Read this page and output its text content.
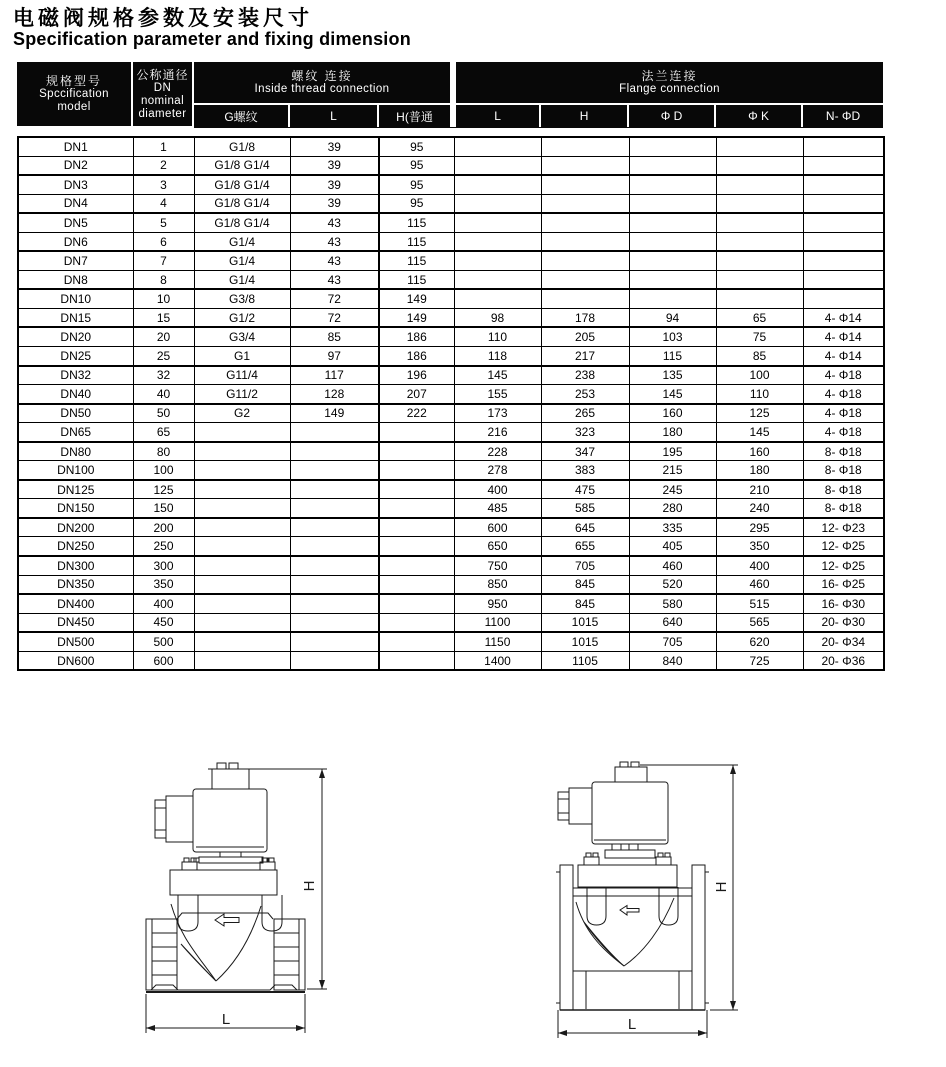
电磁阀规格参数及安装尺寸
Specification parameter and fixing dimension
规格型号
Spccification
model

公称通径
DN
nominal
diameter

螺纹 连接
Inside thread connection

法兰连接
Flange connection

		G螺纹	L	H(普通	L	H	Φ D	Φ K	N- ΦD
DN1	1	G1/8	39	95					
DN2	2	G1/8 G1/4	39	95					
DN3	3	G1/8 G1/4	39	95					
DN4	4	G1/8 G1/4	39	95					
DN5	5	G1/8 G1/4	43	115					
DN6	6	G1/4	43	115					
DN7	7	G1/4	43	115					
DN8	8	G1/4	43	115					
DN10	10	G3/8	72	149					
DN15	15	G1/2	72	149	98	178	94	65	4- Φ14
DN20	20	G3/4	85	186	110	205	103	75	4- Φ14
DN25	25	G1	97	186	118	217	115	85	4- Φ14
DN32	32	G11/4	117	196	145	238	135	100	4- Φ18
DN40	40	G11/2	128	207	155	253	145	110	4- Φ18
DN50	50	G2	149	222	173	265	160	125	4- Φ18
DN65	65				216	323	180	145	4- Φ18
DN80	80				228	347	195	160	8- Φ18
DN100	100				278	383	215	180	8- Φ18
DN125	125				400	475	245	210	8- Φ18
DN150	150				485	585	280	240	8- Φ18
DN200	200				600	645	335	295	12- Φ23
DN250	250				650	655	405	350	12- Φ25
DN300	300				750	705	460	400	12- Φ25
DN350	350				850	845	520	460	16- Φ25
DN400	400				950	845	580	515	16- Φ30
DN450	450				1100	1015	640	565	20- Φ30
DN500	500				1150	1015	705	620	20- Φ34
DN600	600				1400	1105	840	725	20- Φ36
H
L
H
L
